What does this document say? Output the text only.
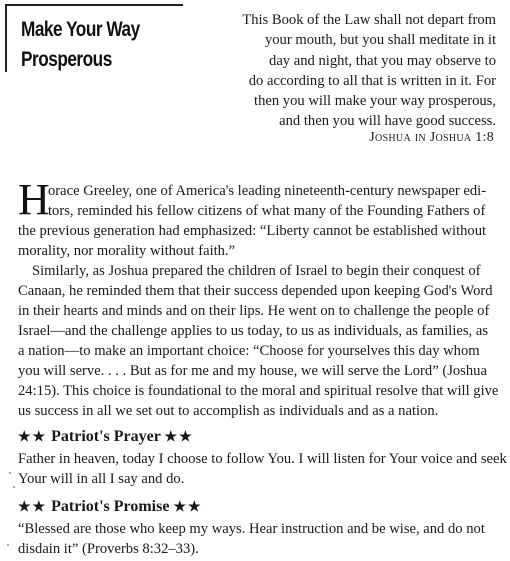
Make Your Way
Prosperous
This Book of the Law shall not depart from
your mouth, but you shall meditate in it
day and night, that you may observe to
do according to all that is written in it. For
then you will make your way prosperous,
and then you will have good success.
Joshua in Joshua 1:8
H
orace Greeley, one of America's leading nineteenth-century newspaper edi-
tors, reminded his fellow citizens of what many of the Founding Fathers of
the previous generation had emphasized: “Liberty cannot be established without
morality, nor morality without faith.”
Similarly, as Joshua prepared the children of Israel to begin their conquest of
Canaan, he reminded them that their success depended upon keeping God's Word
in their hearts and minds and on their lips. He went on to challenge the people of
Israel—and the challenge applies to us today, to us as individuals, as families, as
a nation—to make an important choice: “Choose for yourselves this day whom
you will serve. . . . But as for me and my house, we will serve the Lord” (Joshua
24:15). This choice is foundational to the moral and spiritual resolve that will give
us success in all we set out to accomplish as individuals and as a nation.
★★ Patriot's Prayer ★★
Father in heaven, today I choose to follow You. I will listen for Your voice and seek
Your will in all I say and do.
★★ Patriot's Promise ★★
“Blessed are those who keep my ways. Hear instruction and be wise, and do not
disdain it” (Proverbs 8:32–33).
